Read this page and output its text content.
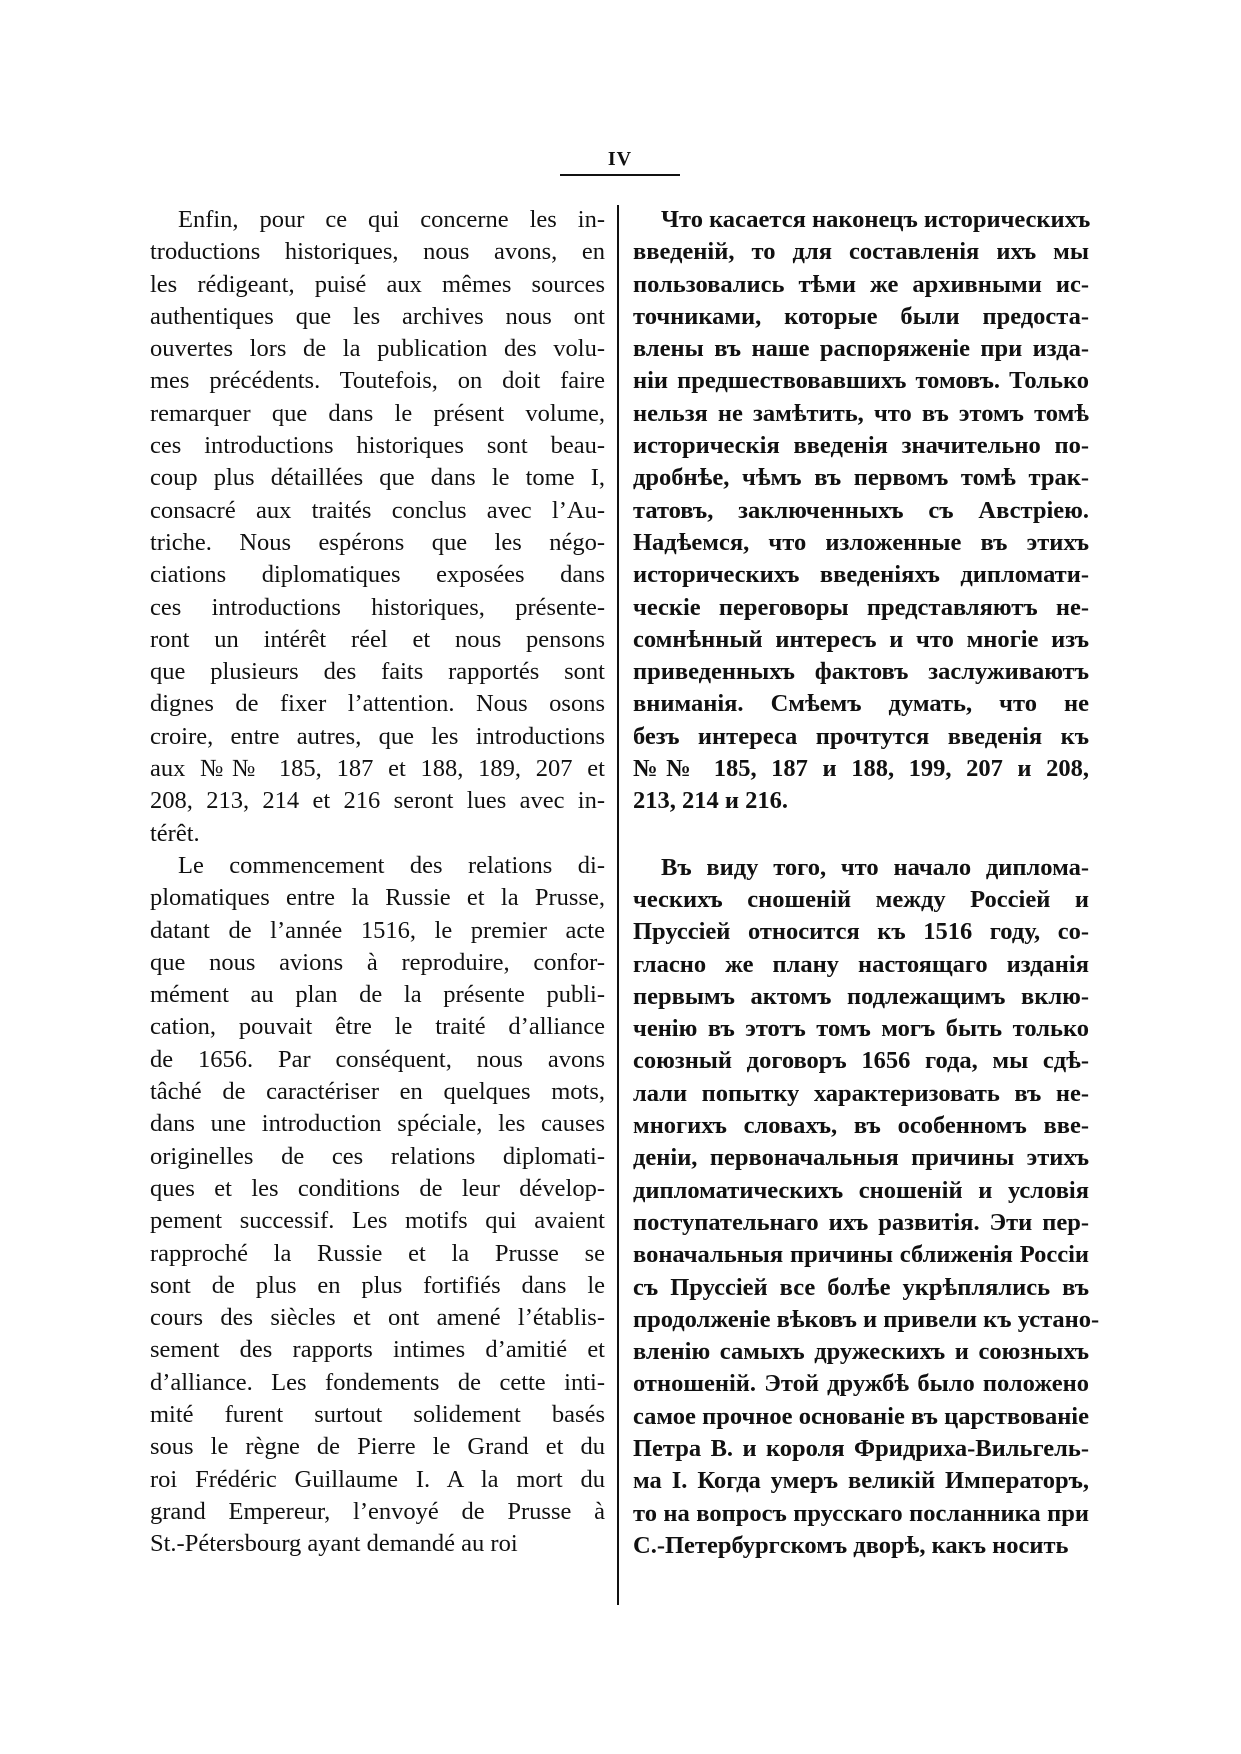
IV
Enfin, pour ce qui concerne les in-
troductions historiques, nous avons, en
les rédigeant, puisé aux mêmes sources
authentiques que les archives nous ont
ouvertes lors de la publication des volu-
mes précédents. Toutefois, on doit faire
remarquer que dans le présent volume,
ces introductions historiques sont beau-
coup plus détaillées que dans le tome I,
consacré aux traités conclus avec l’Au-
triche. Nous espérons que les négo-
ciations diplomatiques exposées dans
ces introductions historiques, présente-
ront un intérêt réel et nous pensons
que plusieurs des faits rapportés sont
dignes de fixer l’attention. Nous osons
croire, entre autres, que les introductions
aux №№ 185, 187 et 188, 189, 207 et
208, 213, 214 et 216 seront lues avec in-
térêt.
Le commencement des relations di-
plomatiques entre la Russie et la Prusse,
datant de l’année 1516, le premier acte
que nous avions à reproduire, confor-
mément au plan de la présente publi-
cation, pouvait être le traité d’alliance
de 1656. Par conséquent, nous avons
tâché de caractériser en quelques mots,
dans une introduction spéciale, les causes
originelles de ces relations diplomati-
ques et les conditions de leur dévelop-
pement successif. Les motifs qui avaient
rapproché la Russie et la Prusse se
sont de plus en plus fortifiés dans le
cours des siècles et ont amené l’établis-
sement des rapports intimes d’amitié et
d’alliance. Les fondements de cette inti-
mité furent surtout solidement basés
sous le règne de Pierre le Grand et du
roi Frédéric Guillaume I. A la mort du
grand Empereur, l’envoyé de Prusse à
St.-Pétersbourg ayant demandé au roi
Что касается наконецъ историческихъ
введеній, то для составленія ихъ мы
пользовались тѣми же архивными ис-
точниками, которые были предоста-
влены въ наше распоряженіе при изда-
ніи предшествовавшихъ томовъ. Только
нельзя не замѣтить, что въ этомъ томѣ
историческія введенія значительно по-
дробнѣе, чѣмъ въ первомъ томѣ трак-
татовъ, заключенныхъ съ Австріею.
Надѣемся, что изложенные въ этихъ
историческихъ введеніяхъ дипломати-
ческіе переговоры представляютъ не-
сомнѣнный интересъ и что многіе изъ
приведенныхъ фактовъ заслуживаютъ
вниманія. Смѣемъ думать, что не
безъ интереса прочтутся введенія къ
№№ 185, 187 и 188, 199, 207 и 208,
213, 214 и 216.
Въ виду того, что начало диплома-
ческихъ сношеній между Россіей и
Пруссіей относится къ 1516 году, со-
гласно же плану настоящаго изданія
первымъ актомъ подлежащимъ вклю-
ченію въ этотъ томъ могъ быть только
союзный договоръ 1656 года, мы сдѣ-
лали попытку характеризовать въ не-
многихъ словахъ, въ особенномъ вве-
деніи, первоначальныя причины этихъ
дипломатическихъ сношеній и условія
поступательнаго ихъ развитія. Эти пер-
воначальныя причины сближенія Россіи
съ Пруссіей все болѣе укрѣплялись въ
продолженіе вѣковъ и привели къ устано-
вленію самыхъ дружескихъ и союзныхъ
отношеній. Этой дружбѣ было положено
самое прочное основаніе въ царствованіе
Петра В. и короля Фридриха-Вильгель-
ма I. Когда умеръ великій Императоръ,
то на вопросъ прусскаго посланника при
С.-Петербургскомъ дворѣ, какъ носить
